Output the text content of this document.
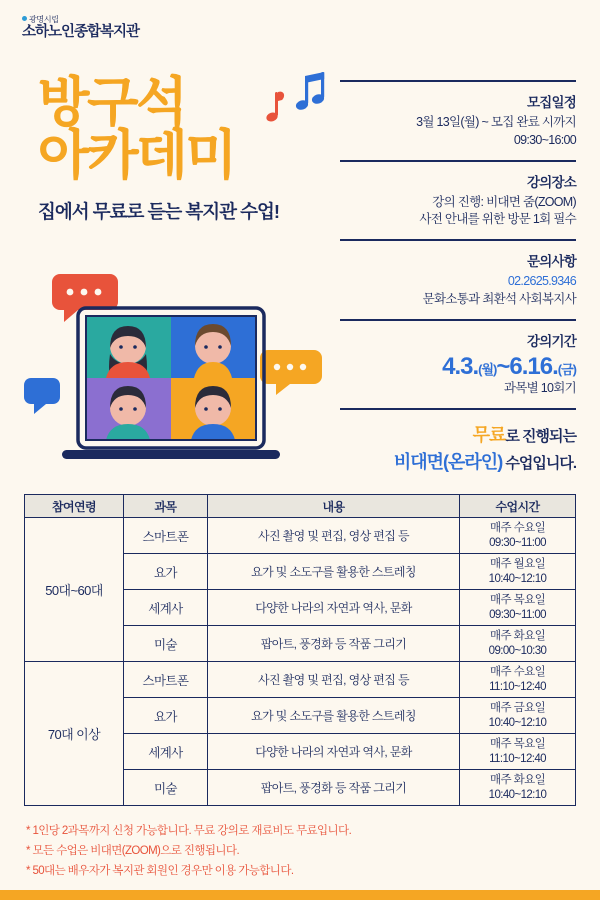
광명시립
소하노인종합복지관
방구석
아카데미
집에서 무료로 듣는 복지관 수업!
모집일정
3월 13일(월) ~ 모집 완료 시까지
09:30~16:00
강의장소
강의 진행: 비대면 줌(ZOOM)
사전 안내를 위한 방문 1회 필수
문의사항
02.2625.9346
문화소통과 최환석 사회복지사
강의기간
4.3.(월)~6.16.(금)
과목별 10회기
무료로 진행되는
비대면(온라인) 수업입니다.
참여연령	과목	내용	수업시간
50대~60대	스마트폰	사진 촬영 및 편집, 영상 편집 등	매주 수요일
09:30~11:00

	요가	요가 및 소도구를 활용한 스트레칭	매주 월요일
10:40~12:10

	세계사	다양한 나라의 자연과 역사, 문화	매주 목요일
09:30~11:00

	미술	팝아트, 풍경화 등 작품 그리기	매주 화요일
09:00~10:30

70대 이상	스마트폰	사진 촬영 및 편집, 영상 편집 등	매주 수요일
11:10~12:40

	요가	요가 및 소도구를 활용한 스트레칭	매주 금요일
10:40~12:10

	세계사	다양한 나라의 자연과 역사, 문화	매주 목요일
11:10~12:40

	미술	팝아트, 풍경화 등 작품 그리기	매주 화요일
10:40~12:10
* 1인당 2과목까지 신청 가능합니다. 무료 강의로 재료비도 무료입니다.
* 모든 수업은 비대면(ZOOM)으로 진행됩니다.
* 50대는 배우자가 복지관 회원인 경우만 이용 가능합니다.
